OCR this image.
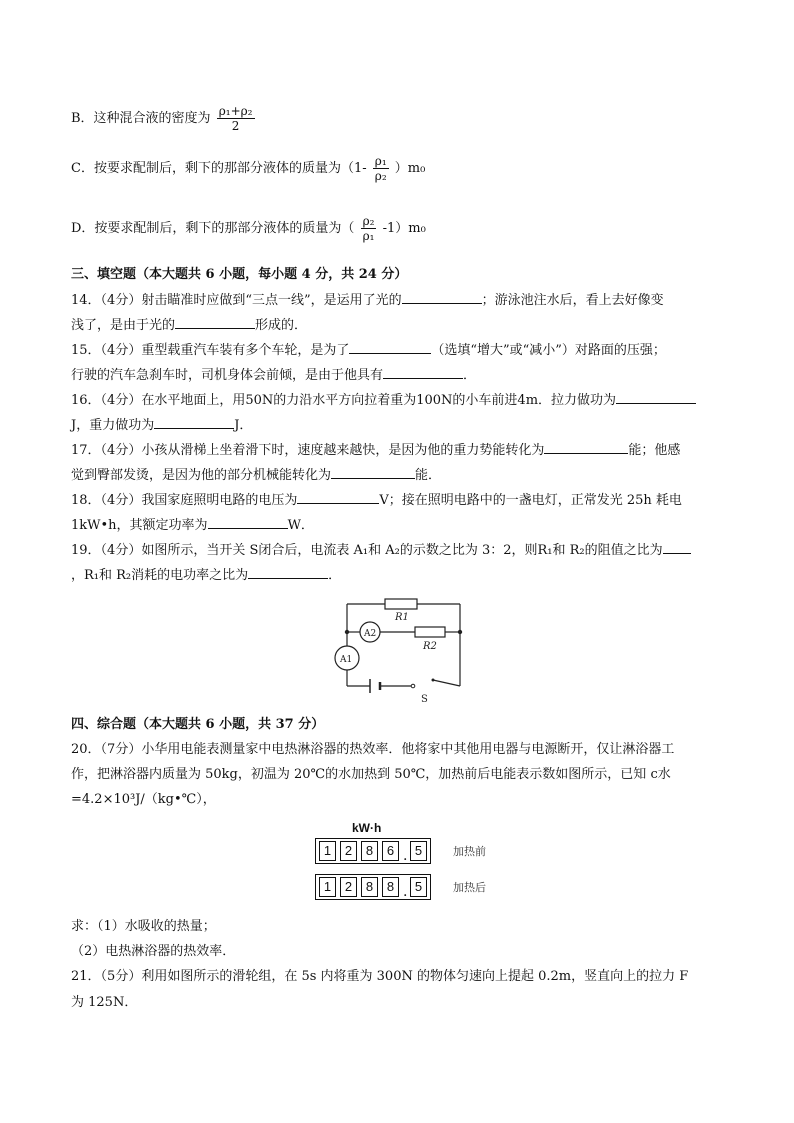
B．这种混合液的密度为 $\frac{\text{ρ₁+ρ₂}}{2}$
C．按要求配制后，剩下的那部分液体的质量为$(1- \frac{\text{ρ₁}}{\text{ρ₂}} )m_0$
D．按要求配制后，剩下的那部分液体的质量为（ $\frac{\text{ρ₂}}{\text{ρ₁}} -1)m_0$
三、填空题（本大题共 6 小题，每小题 4 分，共 24 分）
14．（4分）射击瞄准时应做到“三点一线”，是运用了光的	；游泳池注水后，看上去好像变
浅了，是由于光的	形成的．
15．（4分）重型载重汽车装有多个车轮，是为了	（选填“增大”或“减小”）对路面的压强；
行驶的汽车急刹车时，司机身体会前倾，是由于他具有	．
16．（4分）在水平地面上，用50N的力沿水平方向拉着重为100N的小车前进4m．拉力做功为
J，重力做功为	J．
17．（4分）小孩从滑梯上坐着滑下时，速度越来越快，是因为他的重力势能转化为	能；他感
觉到臀部发烫，是因为他的部分机械能转化为	能．
18．（4分）我国家庭照明电路的电压为	V；接在照明电路中的一盏电灯，正常发光 25h 耗电
1kW•h，其额定功率为	W．
19．（4分）如图所示，当开关 S闭合后，电流表 A₁和 A₂的示数之比为 3：2，则R₁和 R₂的阻值之比为
，R₁和 R₂消耗的电功率之比为	．
R1
R2
A2
A1
S
四、综合题（本大题共 6 小题，共 37 分）
20．（7分）小华用电能表测量家中电热淋浴器的热效率．他将家中其他用电器与电源断开，仅让淋浴器工
作，把淋浴器内质量为 50kg，初温为 20℃的水加热到 50℃，加热前后电能表示数如图所示，已知 c水
=4.2×10³J/（kg•℃），
kW·h
1	2	8	6 . 5	加热前
1	2	8	8 . 5	加热后
求：（1）水吸收的热量；
（2）电热淋浴器的热效率．
21．（5分）利用如图所示的滑轮组，在 5s 内将重为 300N 的物体匀速向上提起 0.2m，竖直向上的拉力 F
为 125N．
